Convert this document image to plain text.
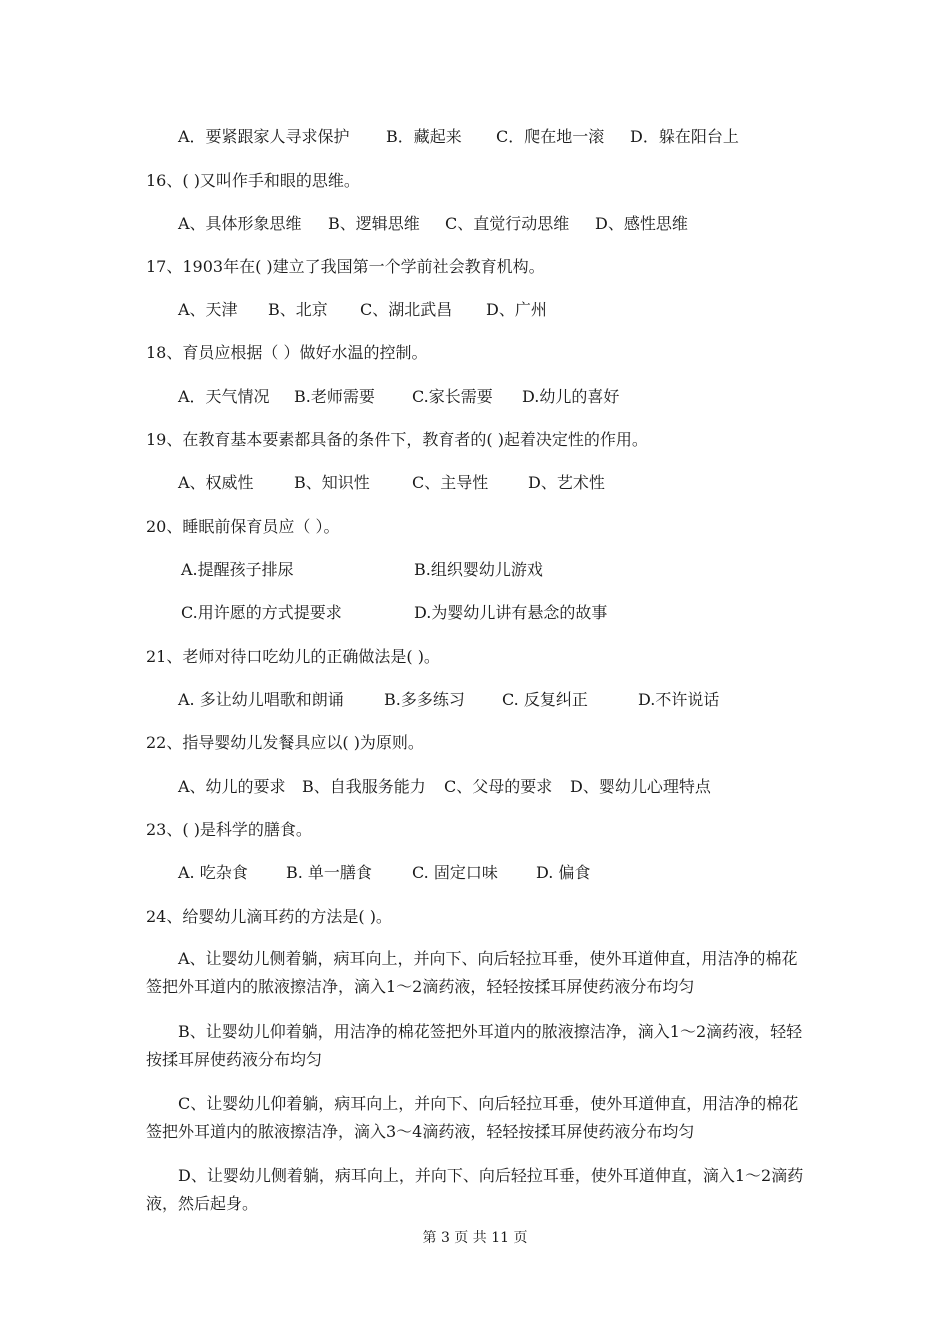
A．要紧跟家人寻求保护 B．藏起来 C．爬在地一滚 D．躲在阳台上
16、( )又叫作手和眼的思维。
A、具体形象思维 B、逻辑思维 C、直觉行动思维 D、感性思维
17、1903年在( )建立了我国第一个学前社会教育机构。
A、天津 B、北京 C、湖北武昌 D、广州
18、育员应根据（ ）做好水温的控制。
A．天气情况 B.老师需要 C.家长需要 D.幼儿的喜好
19、在教育基本要素都具备的条件下，教育者的( )起着决定性的作用。
A、权威性	B、知识性	C、主导性 D、艺术性
20、睡眠前保育员应（ ）。
A.提醒孩子排尿	B.组织婴幼儿游戏
C.用许愿的方式提要求	D.为婴幼儿讲有悬念的故事
21、老师对待口吃幼儿的正确做法是( )。
A. 多让幼儿唱歌和朗诵	B.多多练习 C. 反复纠正	D.不许说话
22、指导婴幼儿发餐具应以( )为原则。
A、幼儿的要求 B、自我服务能力 C、父母的要求 D、婴幼儿心理特点
23、( )是科学的膳食。
A. 吃杂食 B. 单一膳食	C. 固定口味 D. 偏食
24、给婴幼儿滴耳药的方法是( )。
A、让婴幼儿侧着躺，病耳向上，并向下、向后轻拉耳垂，使外耳道伸直，用洁净的棉花签把外耳道内的脓液擦洁净，滴入1～2滴药液，轻轻按揉耳屏使药液分布均匀
B、让婴幼儿仰着躺，用洁净的棉花签把外耳道内的脓液擦洁净，滴入1～2滴药液，轻轻按揉耳屏使药液分布均匀
C、让婴幼儿仰着躺，病耳向上，并向下、向后轻拉耳垂，使外耳道伸直，用洁净的棉花签把外耳道内的脓液擦洁净，滴入3～4滴药液，轻轻按揉耳屏使药液分布均匀
D、让婴幼儿侧着躺，病耳向上，并向下、向后轻拉耳垂，使外耳道伸直，滴入1～2滴药液，然后起身。
第 3 页 共 11 页
